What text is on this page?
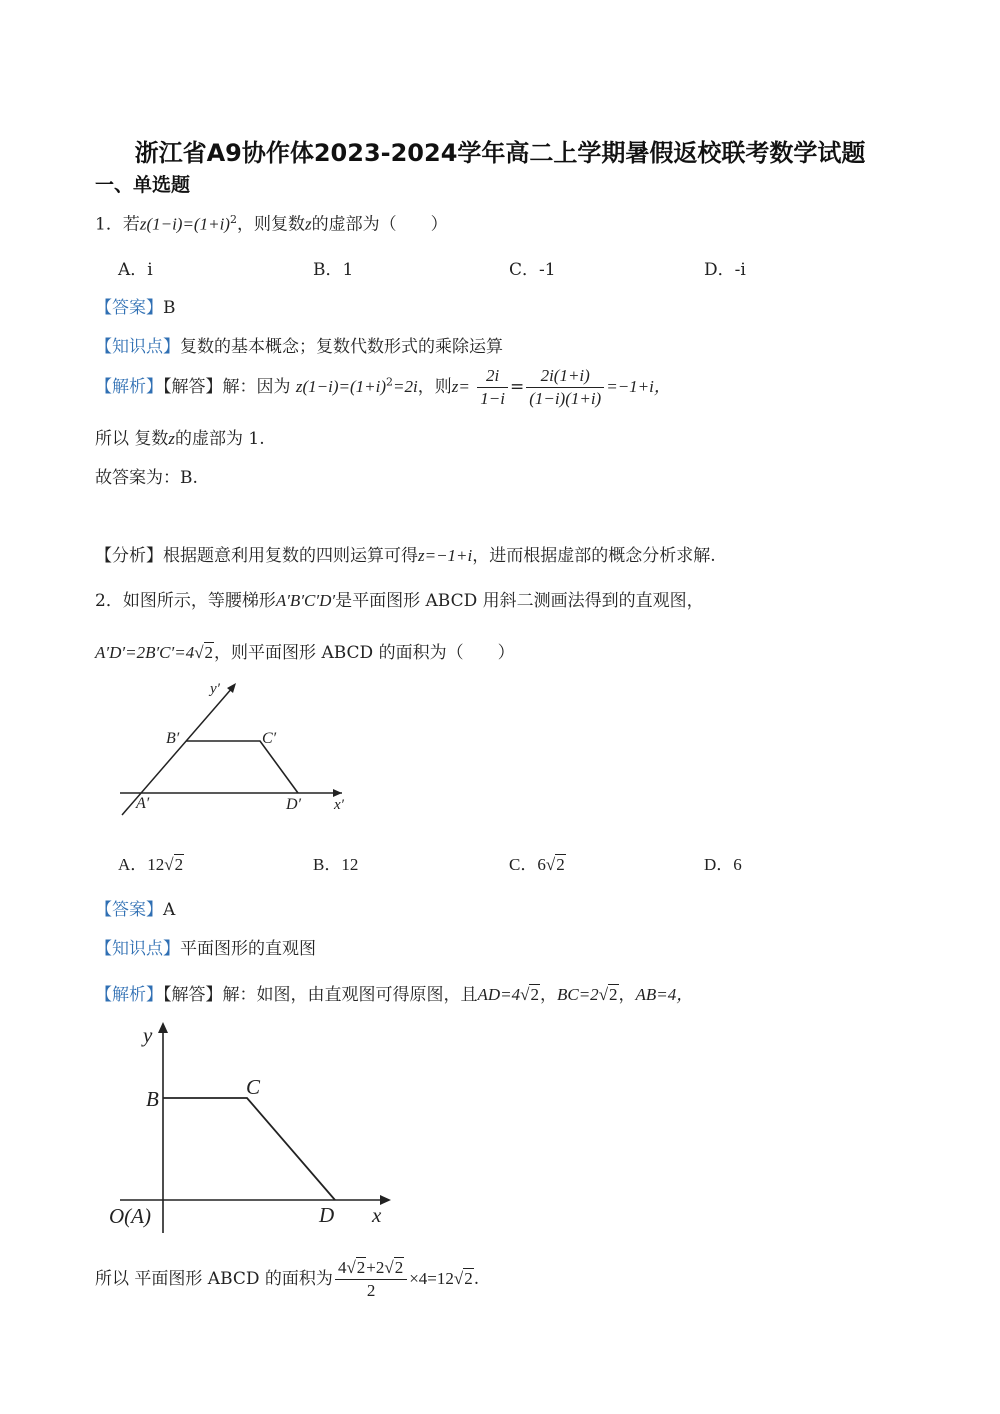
浙江省A9协作体2023-2024学年高二上学期暑假返校联考数学试题
一、单选题
1．若$z(1-i)=(1+i)^2$，则复数z的虚部为（　　）
A．i	B．1	C．-1	D．-i
【答案】B
【知识点】复数的基本概念；复数代数形式的乘除运算
【解析】【解答】解：因为 $z(1-i)=(1+i)^2=2i$，则$z= \frac{2i}{1-i} = \frac{2i(1+i)}{(1-i)(1+i)} =-1+i$，
所以 复数z的虚部为 1.
故答案为：B.
【分析】根据题意利用复数的四则运算可得z=−1+i，进而根据虚部的概念分析求解.
2．如图所示，等腰梯形A′B′C′D′是平面图形 ABCD 用斜二测画法得到的直观图，
A′D′=2B′C′=4√2，则平面图形 ABCD 的面积为（　　）
y′
x′
A′
B′	C′
D′
A．12√2	B．12	C．6√2	D．6
【答案】A
【知识点】平面图形的直观图
【解析】【解答】解：如图，由直观图可得原图，且AD=4√2，BC=2√2，AB=4，
y
B	C
O(A)	D x
所以 平面图形 ABCD 的面积为 $\frac{4√2+2√2}{2} \times 4=12√2$.
